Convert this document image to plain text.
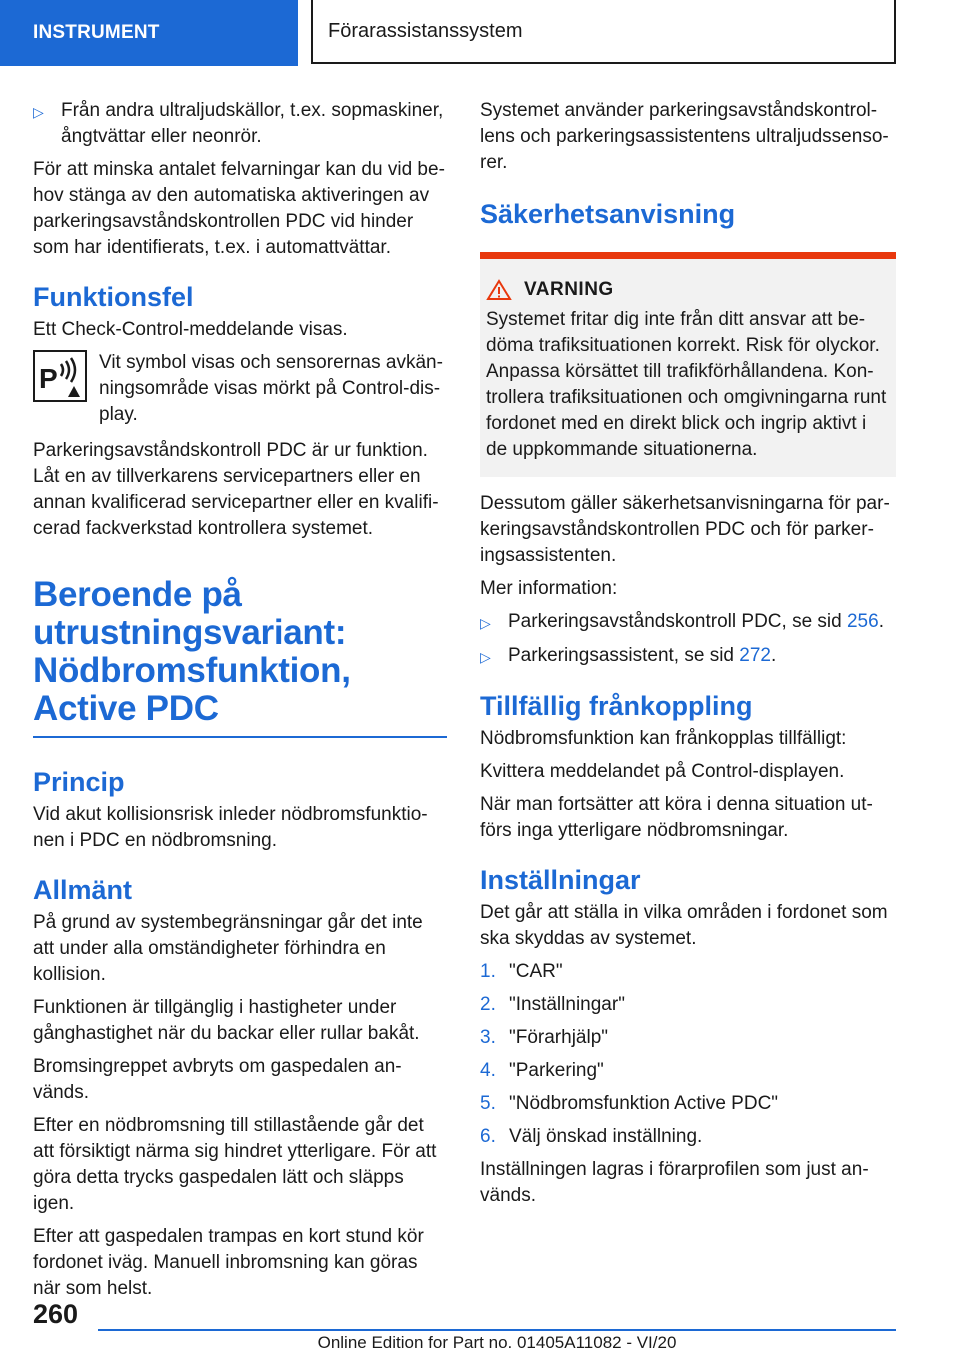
INSTRUMENT	Förarassistanssystem
▷ Från andra ultraljudskällor, t.ex. sopmaskiner, ångtvättar eller neonrör.

För att minska antalet felvarningar kan du vid behov stänga av den automatiska aktiveringen av parkeringsavståndskontrollen PDC vid hinder som har identifierats, t.ex. i automattvättar.

Funktionsfel

Ett Check-Control-meddelande visas.

P
Vit symbol visas och sensorernas avkänningsområde visas mörkt på Control-display.

Parkeringsavståndskontroll PDC är ur funktion. Låt en av tillverkarens servicepartners eller en annan kvalificerad servicepartner eller en kvalificerad fackverkstad kontrollera systemet.

Beroende på utrustningsvariant: Nödbromsfunktion, Active PDC
Princip

Vid akut kollisionsrisk inleder nödbromsfunktionen i PDC en nödbromsning.

Allmänt

På grund av systembegränsningar går det inte att under alla omständigheter förhindra en kollision.

Funktionen är tillgänglig i hastigheter under gånghastighet när du backar eller rullar bakåt.

Bromsingreppet avbryts om gaspedalen används.

Efter en nödbromsning till stillastående går det att försiktigt närma sig hindret ytterligare. För att göra detta trycks gaspedalen lätt och släpps igen.

Efter att gaspedalen trampas en kort stund kör fordonet iväg. Manuell inbromsning kan göras när som helst.

Systemet använder parkeringsavståndskontrollens och parkeringsassistentens ultraljudssensorer.

Säkerhetsanvisning
VARNING
Systemet fritar dig inte från ditt ansvar att bedöma trafiksituationen korrekt. Risk för olyckor. Anpassa körsättet till trafikförhållandena. Kontrollera trafiksituationen och omgivningarna runt fordonet med en direkt blick och ingrip aktivt i de uppkommande situationerna.

Dessutom gäller säkerhetsanvisningarna för parkeringsavståndskontrollen PDC och för parkeringsassistenten.

Mer information:

▷ Parkeringsavståndskontroll PDC, se sid 256.
▷ Parkeringsassistent, se sid 272.
Tillfällig frånkoppling

Nödbromsfunktion kan frånkopplas tillfälligt:

Kvittera meddelandet på Control-displayen.

När man fortsätter att köra i denna situation utförs inga ytterligare nödbromsningar.

Inställningar

Det går att ställa in vilka områden i fordonet som ska skyddas av systemet.

1. "CAR"
2. "Inställningar"
3. "Förarhjälp"
4. "Parkering"
5. "Nödbromsfunktion Active PDC"
6. Välj önskad inställning.

Inställningen lagras i förarprofilen som just används.

260
Online Edition for Part no. 01405A11082 - VI/20
